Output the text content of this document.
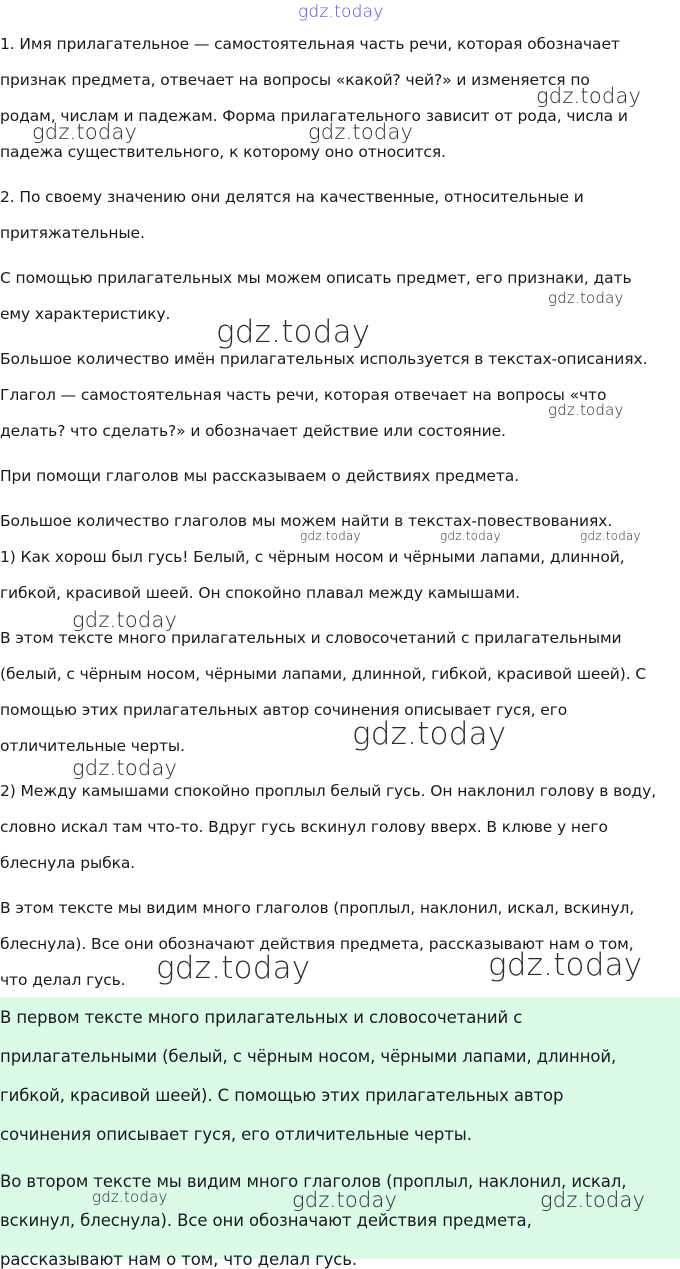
gdz.today
1. Имя прилагательное — самостоятельная часть речи, которая обозначает
признак предмета, отвечает на вопросы «какой? чей?» и изменяется по
родам, числам и падежам. Форма прилагательного зависит от рода, числа и
падежа существительного, к которому оно относится.
2. По своему значению они делятся на качественные, относительные и
притяжательные.
С помощью прилагательных мы можем описать предмет, его признаки, дать
ему характеристику.
Большое количество имён прилагательных используется в текстах-описаниях.
Глагол — самостоятельная часть речи, которая отвечает на вопросы «что
делать? что сделать?» и обозначает действие или состояние.
При помощи глаголов мы рассказываем о действиях предмета.
Большое количество глаголов мы можем найти в текстах-повествованиях.
1) Как хорош был гусь! Белый, с чёрным носом и чёрными лапами, длинной,
гибкой, красивой шеей. Он спокойно плавал между камышами.
В этом тексте много прилагательных и словосочетаний с прилагательными
(белый, с чёрным носом, чёрными лапами, длинной, гибкой, красивой шеей). С
помощью этих прилагательных автор сочинения описывает гуся, его
отличительные черты.
2) Между камышами спокойно проплыл белый гусь. Он наклонил голову в воду,
словно искал там что-то. Вдруг гусь вскинул голову вверх. В клюве у него
блеснула рыбка.
В этом тексте мы видим много глаголов (проплыл, наклонил, искал, вскинул,
блеснула). Все они обозначают действия предмета, рассказывают нам о том,
что делал гусь.
В первом тексте много прилагательных и словосочетаний с
прилагательными (белый, с чёрным носом, чёрными лапами, длинной,
гибкой, красивой шеей). С помощью этих прилагательных автор
сочинения описывает гуся, его отличительные черты.
Во втором тексте мы видим много глаголов (проплыл, наклонил, искал,
вскинул, блеснула). Все они обозначают действия предмета,
рассказывают нам о том, что делал гусь.
gdz.today
gdz.today	gdz.today
gdz.today
gdz.today
gdz.today
gdz.today	gdz.today	gdz.today
gdz.today
gdz.today
gdz.today
gdz.today	gdz.today
gdz.today	gdz.today	gdz.today
